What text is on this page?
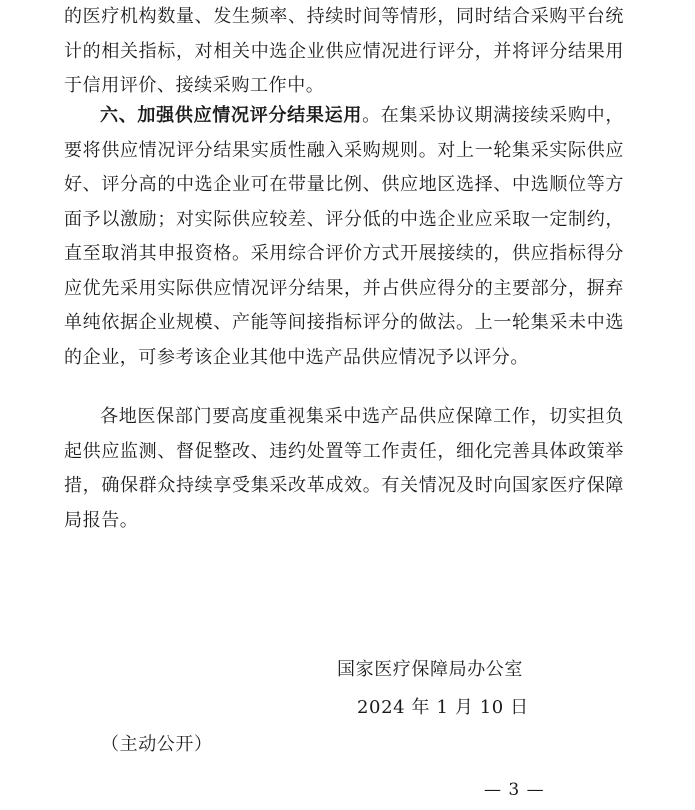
的医疗机构数量、发生频率、持续时间等情形，同时结合采购平台统计的相关指标，对相关中选企业供应情况进行评分，并将评分结果用于信用评价、接续采购工作中。

六、加强供应情况评分结果运用。在集采协议期满接续采购中，要将供应情况评分结果实质性融入采购规则。对上一轮集采实际供应好、评分高的中选企业可在带量比例、供应地区选择、中选顺位等方面予以激励；对实际供应较差、评分低的中选企业应采取一定制约，直至取消其申报资格。采用综合评价方式开展接续的，供应指标得分应优先采用实际供应情况评分结果，并占供应得分的主要部分，摒弃单纯依据企业规模、产能等间接指标评分的做法。上一轮集采未中选的企业，可参考该企业其他中选产品供应情况予以评分。

各地医保部门要高度重视集采中选产品供应保障工作，切实担负起供应监测、督促整改、违约处置等工作责任，细化完善具体政策举措，确保群众持续享受集采改革成效。有关情况及时向国家医疗保障局报告。

国家医疗保障局办公室
2024 年 1 月 10 日
（主动公开）
— 3 —
